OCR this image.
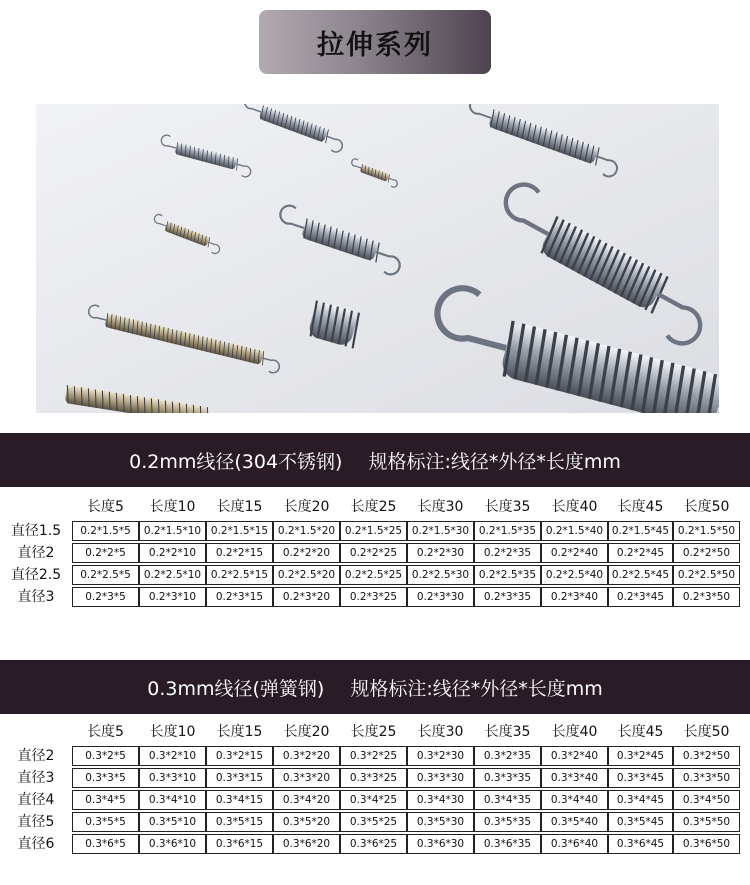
拉伸系列
0.2mm线径(304不锈钢) 规格标注:线径*外径*长度mm
长度5	长度10	长度15	长度20	长度25	长度30	长度35	长度40	长度45	长度50
直径1.5	0.2*1.5*5	0.2*1.5*10 0.2*1.5*15 0.2*1.5*20 0.2*1.5*25 0.2*1.5*30 0.2*1.5*35 0.2*1.5*40 0.2*1.5*45 0.2*1.5*50
直径2	0.2*2*5	0.2*2*10	0.2*2*15	0.2*2*20	0.2*2*25	0.2*2*30	0.2*2*35	0.2*2*40	0.2*2*45	0.2*2*50
直径2.5	0.2*2.5*5	0.2*2.5*10 0.2*2.5*15 0.2*2.5*20 0.2*2.5*25 0.2*2.5*30 0.2*2.5*35 0.2*2.5*40 0.2*2.5*45 0.2*2.5*50
直径3	0.2*3*5	0.2*3*10	0.2*3*15	0.2*3*20	0.2*3*25	0.2*3*30	0.2*3*35	0.2*3*40	0.2*3*45	0.2*3*50
0.3mm线径(弹簧钢) 规格标注:线径*外径*长度mm
长度5	长度10	长度15	长度20	长度25	长度30	长度35	长度40	长度45	长度50
直径2	0.3*2*5	0.3*2*10	0.3*2*15	0.3*2*20	0.3*2*25	0.3*2*30	0.3*2*35	0.3*2*40	0.3*2*45	0.3*2*50
直径3	0.3*3*5	0.3*3*10	0.3*3*15	0.3*3*20	0.3*3*25	0.3*3*30	0.3*3*35	0.3*3*40	0.3*3*45	0.3*3*50
直径4	0.3*4*5	0.3*4*10	0.3*4*15	0.3*4*20	0.3*4*25	0.3*4*30	0.3*4*35	0.3*4*40	0.3*4*45	0.3*4*50
直径5	0.3*5*5	0.3*5*10	0.3*5*15	0.3*5*20	0.3*5*25	0.3*5*30	0.3*5*35	0.3*5*40	0.3*5*45	0.3*5*50
直径6	0.3*6*5	0.3*6*10	0.3*6*15	0.3*6*20	0.3*6*25	0.3*6*30	0.3*6*35	0.3*6*40	0.3*6*45	0.3*6*50
